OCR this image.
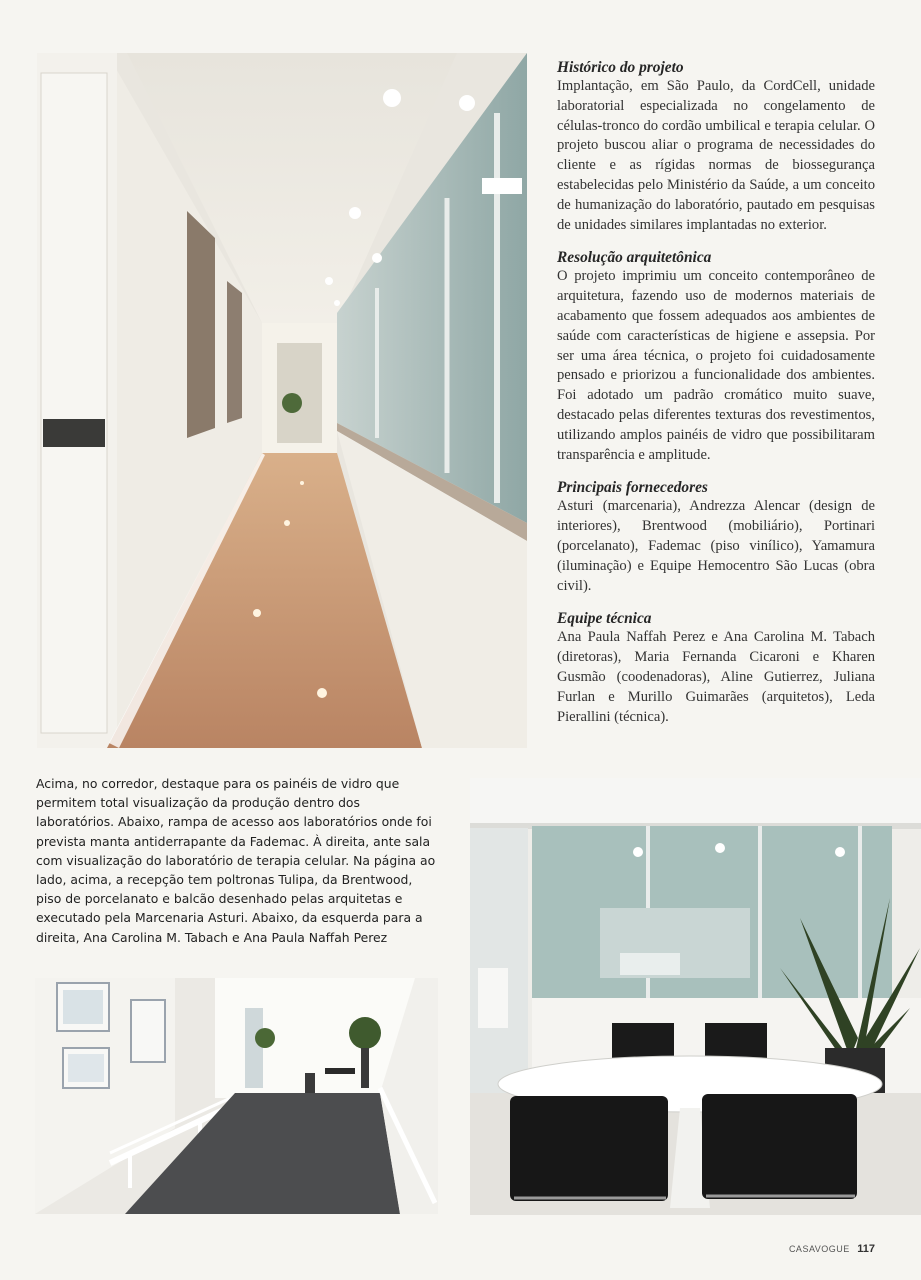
Histórico do projeto

Implantação, em São Paulo, da CordCell, unidade laboratorial especializada no congelamento de células-tronco do cordão umbilical e terapia celular. O projeto buscou aliar o programa de necessidades do cliente e as rígidas normas de biossegurança estabelecidas pelo Ministério da Saúde, a um conceito de humanização do laboratório, pautado em pesquisas de unidades similares implantadas no exterior.

Resolução arquitetônica

O projeto imprimiu um conceito contemporâneo de arquitetura, fazendo uso de modernos materiais de acabamento que fossem adequados aos ambientes de saúde com características de higiene e assepsia. Por ser uma área técnica, o projeto foi cuidadosamente pensado e priorizou a funcionalidade dos ambientes. Foi adotado um padrão cromático muito suave, destacado pelas diferentes texturas dos revestimentos, utilizando amplos painéis de vidro que possibilitaram transparência e amplitude.

Principais fornecedores

Asturi (marcenaria), Andrezza Alencar (design de interiores), Brentwood (mobiliário), Portinari (porcelanato), Fademac (piso vinílico), Yamamura (iluminação) e Equipe Hemocentro São Lucas (obra civil).

Equipe técnica

Ana Paula Naffah Perez e Ana Carolina M. Tabach (diretoras), Maria Fernanda Cicaroni e Kharen Gusmão (coodenadoras), Aline Gutierrez, Juliana Furlan e Murillo Guimarães (arquitetos), Leda Pierallini (técnica).

Acima, no corredor, destaque para os painéis de vidro que permitem total visualização da produção dentro dos laboratórios. Abaixo, rampa de acesso aos laboratórios onde foi prevista manta antiderrapante da Fademac. À direita, ante sala com visualização do laboratório de terapia celular. Na página ao lado, acima, a recepção tem poltronas Tulipa, da Brentwood, piso de porcelanato e balcão desenhado pelas arquitetas e executado pela Marcenaria Asturi. Abaixo, da esquerda para a direita, Ana Carolina M. Tabach e Ana Paula Naffah Perez
CASAVOGUE 117
